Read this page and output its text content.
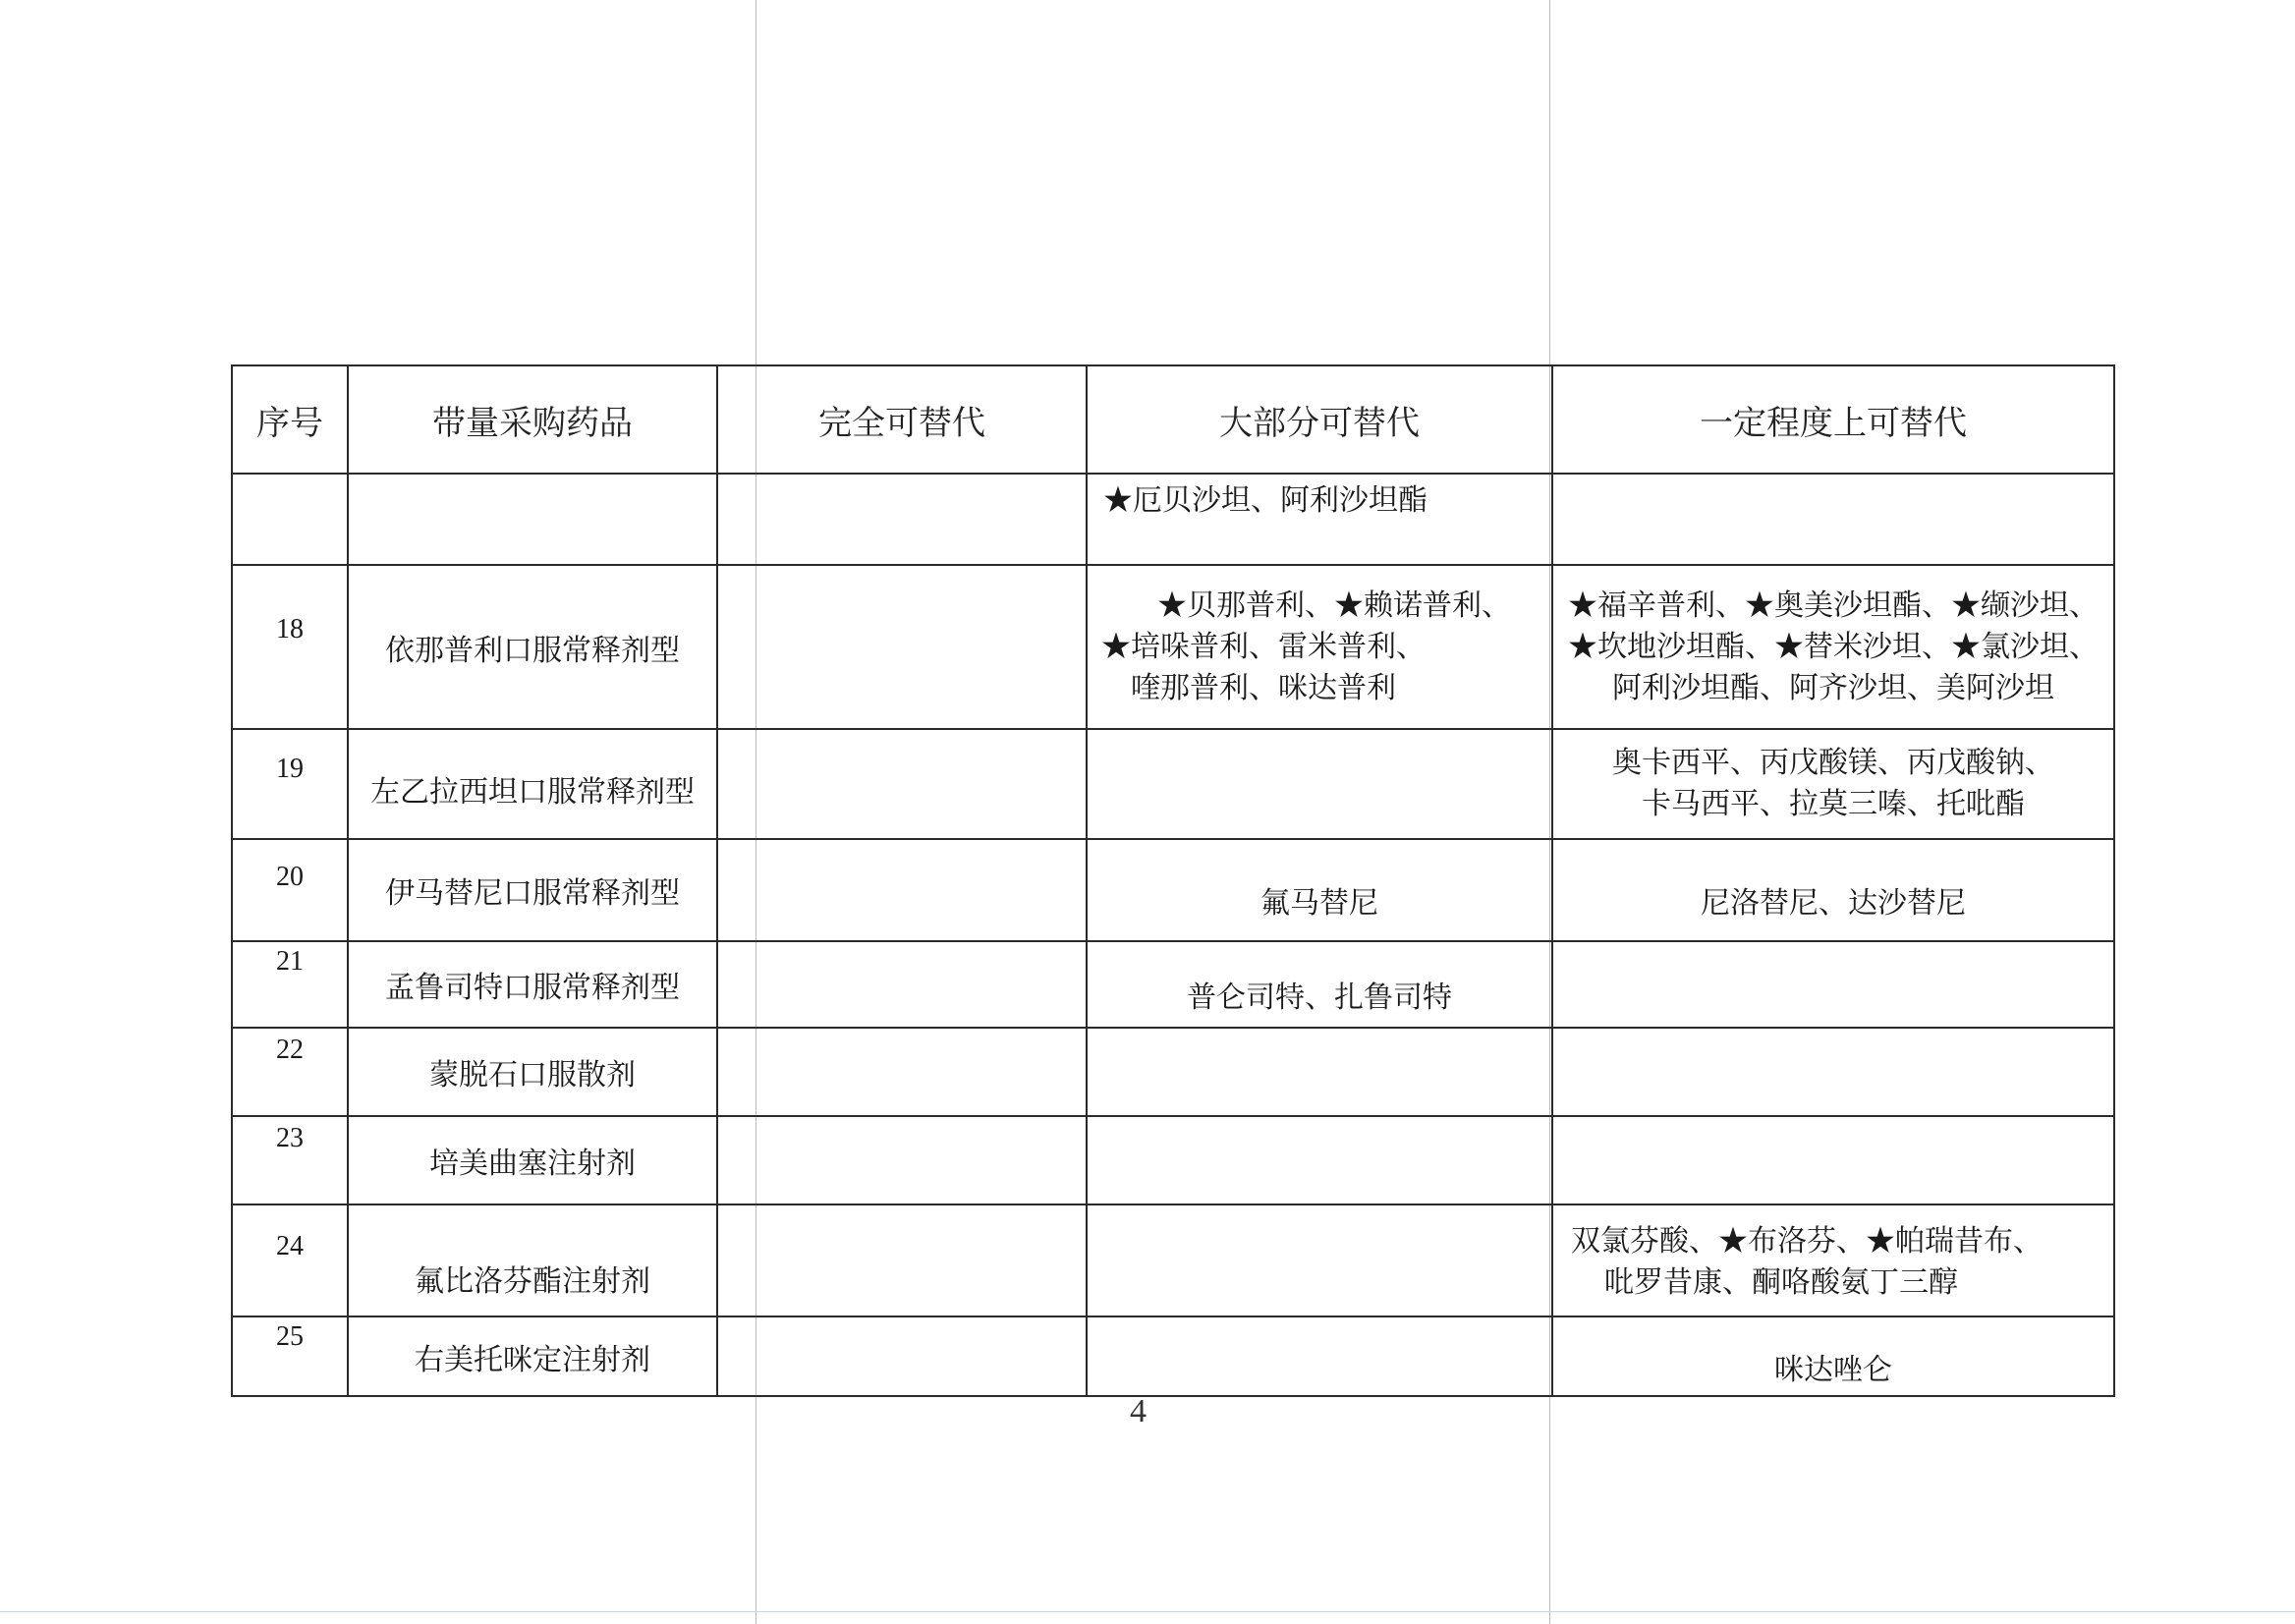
序号	带量采购药品	完全可替代	大部分可替代	一定程度上可替代

			★厄贝沙坦、阿利沙坦酯	

18	依那普利口服常释剂型		★贝那普利、★赖诺普利、
★培哚普利、雷米普利、
喹那普利、咪达普利	★福辛普利、★奥美沙坦酯、★缬沙坦、
★坎地沙坦酯、★替米沙坦、★氯沙坦、
阿利沙坦酯、阿齐沙坦、美阿沙坦

19	左乙拉西坦口服常释剂型			奥卡西平、丙戊酸镁、丙戊酸钠、
卡马西平、拉莫三嗪、托吡酯

20	伊马替尼口服常释剂型		氟马替尼	尼洛替尼、达沙替尼

21	孟鲁司特口服常释剂型		普仑司特、扎鲁司特	

22	蒙脱石口服散剂			
23	培美曲塞注射剂			
24	氟比洛芬酯注射剂			双氯芬酸、★布洛芬、★帕瑞昔布、
吡罗昔康、酮咯酸氨丁三醇

25	右美托咪定注射剂			咪达唑仑
4
